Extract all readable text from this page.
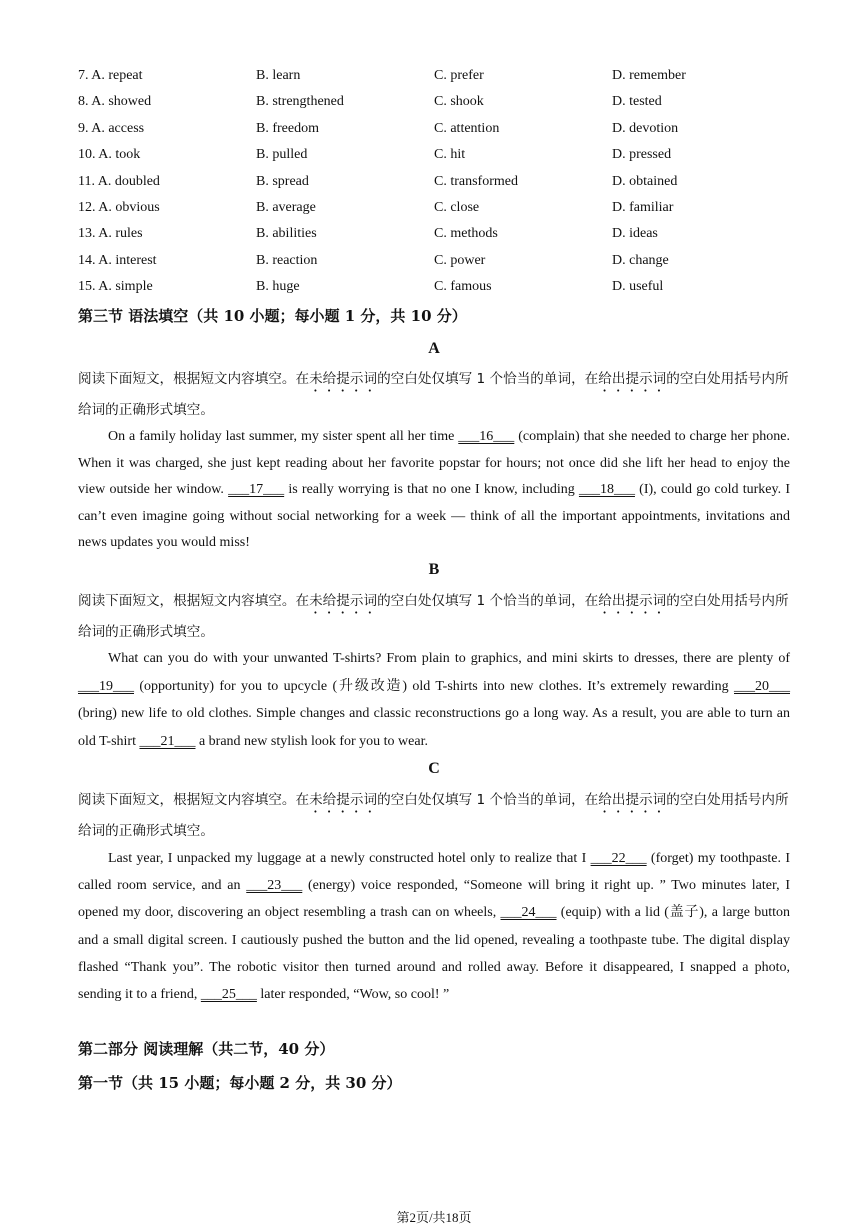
7. A. repeat	B. learn	C. prefer	D. remember
8. A. showed	B. strengthened	C. shook	D. tested
9. A. access	B. freedom	C. attention	D. devotion
10. A. took	B. pulled	C. hit	D. pressed
11. A. doubled	B. spread	C. transformed	D. obtained
12. A. obvious	B. average	C. close	D. familiar
13. A. rules	B. abilities	C. methods	D. ideas
14. A. interest	B. reaction	C. power	D. change
15. A. simple	B. huge	C. famous	D. useful
第三节 语法填空（共 10 小题；每小题 1 分，共 10 分）
A
阅读下面短文，根据短文内容填空。在未给提示词的空白处仅填写 1 个恰当的单词，在给出提示词的空白处用括号内所给词的正确形式填空。

On a family holiday last summer, my sister spent all her time ___16___ (complain) that she needed to charge her phone. When it was charged, she just kept reading about her favorite popstar for hours; not once did she lift her head to enjoy the view outside her window. ___17___ is really worrying is that no one I know, including ___18___ (I), could go cold turkey. I can’t even imagine going without social networking for a week — think of all the important appointments, invitations and news updates you would miss!

B
阅读下面短文，根据短文内容填空。在未给提示词的空白处仅填写 1 个恰当的单词，在给出提示词的空白处用括号内所给词的正确形式填空。

What can you do with your unwanted T-shirts? From plain to graphics, and mini skirts to dresses, there are plenty of ___19___ (opportunity) for you to upcycle (升级改造) old T-shirts into new clothes. It’s extremely rewarding ___20___ (bring) new life to old clothes. Simple changes and classic reconstructions go a long way. As a result, you are able to turn an old T-shirt ___21___ a brand new stylish look for you to wear.

C
阅读下面短文，根据短文内容填空。在未给提示词的空白处仅填写 1 个恰当的单词，在给出提示词的空白处用括号内所给词的正确形式填空。

Last year, I unpacked my luggage at a newly constructed hotel only to realize that I ___22___ (forget) my toothpaste. I called room service, and an ___23___ (energy) voice responded, “Someone will bring it right up. ” Two minutes later, I opened my door, discovering an object resembling a trash can on wheels, ___24___ (equip) with a lid (盖子), a large button and a small digital screen. I cautiously pushed the button and the lid opened, revealing a toothpaste tube. The digital display flashed “Thank you”. The robotic visitor then turned around and rolled away. Before it disappeared, I snapped a photo, sending it to a friend, ___25___ later responded, “Wow, so cool! ”

第二部分 阅读理解（共二节，40 分）
第一节（共 15 小题；每小题 2 分，共 30 分）
第2页/共18页
